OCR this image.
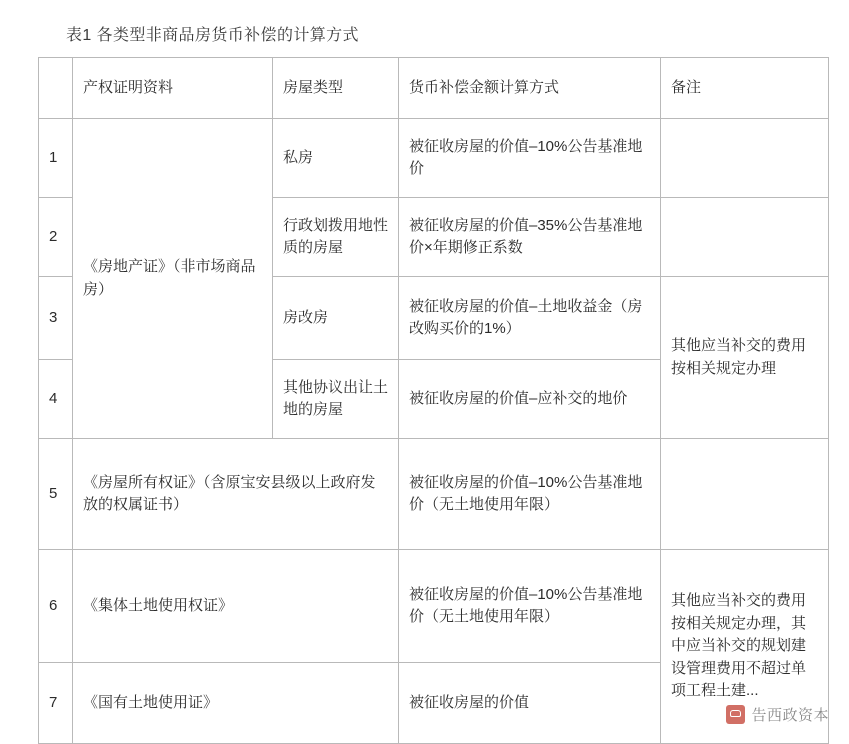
表1 各类型非商品房货币补偿的计算方式
	产权证明资料	房屋类型	货币补偿金额计算方式	备注
1	《房地产证》（非市场商品房）	私房	被征收房屋的价值–10%公告基准地价	
2		行政划拨用地性质的房屋	被征收房屋的价值–35%公告基准地价×年期修正系数	
3		房改房	被征收房屋的价值–土地收益金（房改购买价的1%）	其他应当补交的费用按相关规定办理
4		其他协议出让土地的房屋	被征收房屋的价值–应补交的地价	
5	《房屋所有权证》（含原宝安县级以上政府发放的权属证书）		被征收房屋的价值–10%公告基准地价（无土地使用年限）	
6	《集体土地使用权证》		被征收房屋的价值–10%公告基准地价（无土地使用年限）	其他应当补交的费用按相关规定办理，其中应当补交的规划建设管理费用不超过单项工程土建...
7	《国有土地使用证》		被征收房屋的价值	
告西政资本
